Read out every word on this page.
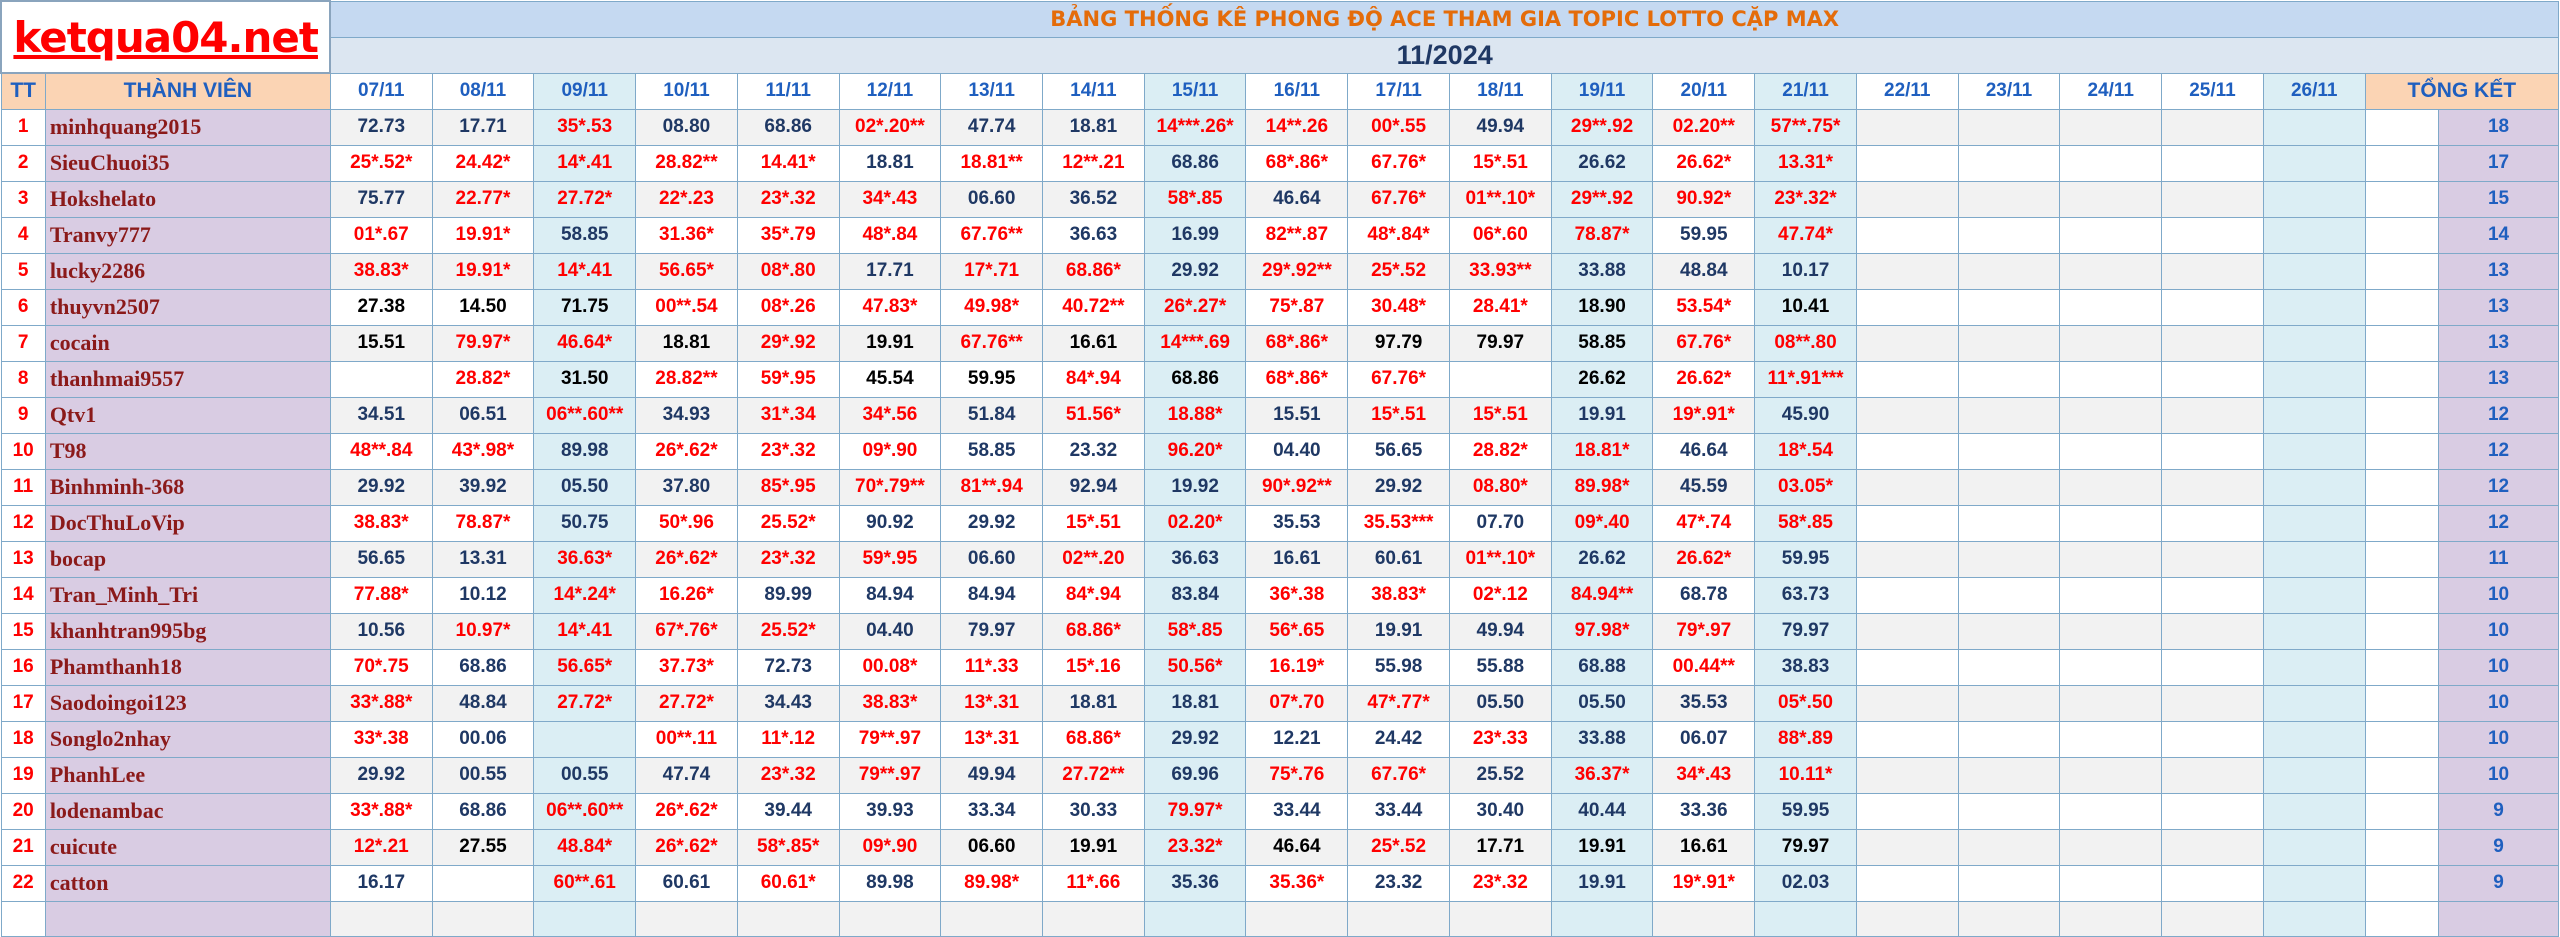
ketqua04.net		BẢNG THỐNG KÊ PHONG ĐỘ ACE THAM GIA TOPIC LOTTO CẶP MAX																					
		11/2024																					
TT	THÀNH VIÊN	07/11	08/11	09/11	10/11	11/11	12/11	13/11	14/11	15/11	16/11	17/11	18/11	19/11	20/11	21/11	22/11	23/11	24/11	25/11	26/11	TỔNG KẾT	
1	minhquang2015	72.73	17.71	35*.53	08.80	68.86	02*.20**	47.74	18.81	14***.26*	14**.26	00*.55	49.94	29**.92	02.20**	57**.75*							18
2	SieuChuoi35	25*.52*	24.42*	14*.41	28.82**	14.41*	18.81	18.81**	12**.21	68.86	68*.86*	67.76*	15*.51	26.62	26.62*	13.31*							17
3	Hokshelato	75.77	22.77*	27.72*	22*.23	23*.32	34*.43	06.60	36.52	58*.85	46.64	67.76*	01**.10*	29**.92	90.92*	23*.32*							15
4	Tranvy777	01*.67	19.91*	58.85	31.36*	35*.79	48*.84	67.76**	36.63	16.99	82**.87	48*.84*	06*.60	78.87*	59.95	47.74*							14
5	lucky2286	38.83*	19.91*	14*.41	56.65*	08*.80	17.71	17*.71	68.86*	29.92	29*.92**	25*.52	33.93**	33.88	48.84	10.17							13
6	thuyvn2507	27.38	14.50	71.75	00**.54	08*.26	47.83*	49.98*	40.72**	26*.27*	75*.87	30.48*	28.41*	18.90	53.54*	10.41							13
7	cocain	15.51	79.97*	46.64*	18.81	29*.92	19.91	67.76**	16.61	14***.69	68*.86*	97.79	79.97	58.85	67.76*	08**.80							13
8	thanhmai9557		28.82*	31.50	28.82**	59*.95	45.54	59.95	84*.94	68.86	68*.86*	67.76*		26.62	26.62*	11*.91***							13
9	Qtv1	34.51	06.51	06**.60**	34.93	31*.34	34*.56	51.84	51.56*	18.88*	15.51	15*.51	15*.51	19.91	19*.91*	45.90							12
10	T98	48**.84	43*.98*	89.98	26*.62*	23*.32	09*.90	58.85	23.32	96.20*	04.40	56.65	28.82*	18.81*	46.64	18*.54							12
11	Binhminh-368	29.92	39.92	05.50	37.80	85*.95	70*.79**	81**.94	92.94	19.92	90*.92**	29.92	08.80*	89.98*	45.59	03.05*							12
12	DocThuLoVip	38.83*	78.87*	50.75	50*.96	25.52*	90.92	29.92	15*.51	02.20*	35.53	35.53***	07.70	09*.40	47*.74	58*.85							12
13	bocap	56.65	13.31	36.63*	26*.62*	23*.32	59*.95	06.60	02**.20	36.63	16.61	60.61	01**.10*	26.62	26.62*	59.95							11
14	Tran_Minh_Tri	77.88*	10.12	14*.24*	16.26*	89.99	84.94	84.94	84*.94	83.84	36*.38	38.83*	02*.12	84.94**	68.78	63.73							10
15	khanhtran995bg	10.56	10.97*	14*.41	67*.76*	25.52*	04.40	79.97	68.86*	58*.85	56*.65	19.91	49.94	97.98*	79*.97	79.97							10
16	Phamthanh18	70*.75	68.86	56.65*	37.73*	72.73	00.08*	11*.33	15*.16	50.56*	16.19*	55.98	55.88	68.88	00.44**	38.83							10
17	Saodoingoi123	33*.88*	48.84	27.72*	27.72*	34.43	38.83*	13*.31	18.81	18.81	07*.70	47*.77*	05.50	05.50	35.53	05*.50							10
18	Songlo2nhay	33*.38	00.06		00**.11	11*.12	79**.97	13*.31	68.86*	29.92	12.21	24.42	23*.33	33.88	06.07	88*.89							10
19	PhanhLee	29.92	00.55	00.55	47.74	23*.32	79**.97	49.94	27.72**	69.96	75*.76	67.76*	25.52	36.37*	34*.43	10.11*							10
20	lodenambac	33*.88*	68.86	06**.60**	26*.62*	39.44	39.93	33.34	30.33	79.97*	33.44	33.44	30.40	40.44	33.36	59.95							9
21	cuicute	12*.21	27.55	48.84*	26*.62*	58*.85*	09*.90	06.60	19.91	23.32*	46.64	25*.52	17.71	19.91	16.61	79.97							9
22	catton	16.17		60**.61	60.61	60.61*	89.98	89.98*	11*.66	35.36	35.36*	23.32	23*.32	19.91	19*.91*	02.03							9
